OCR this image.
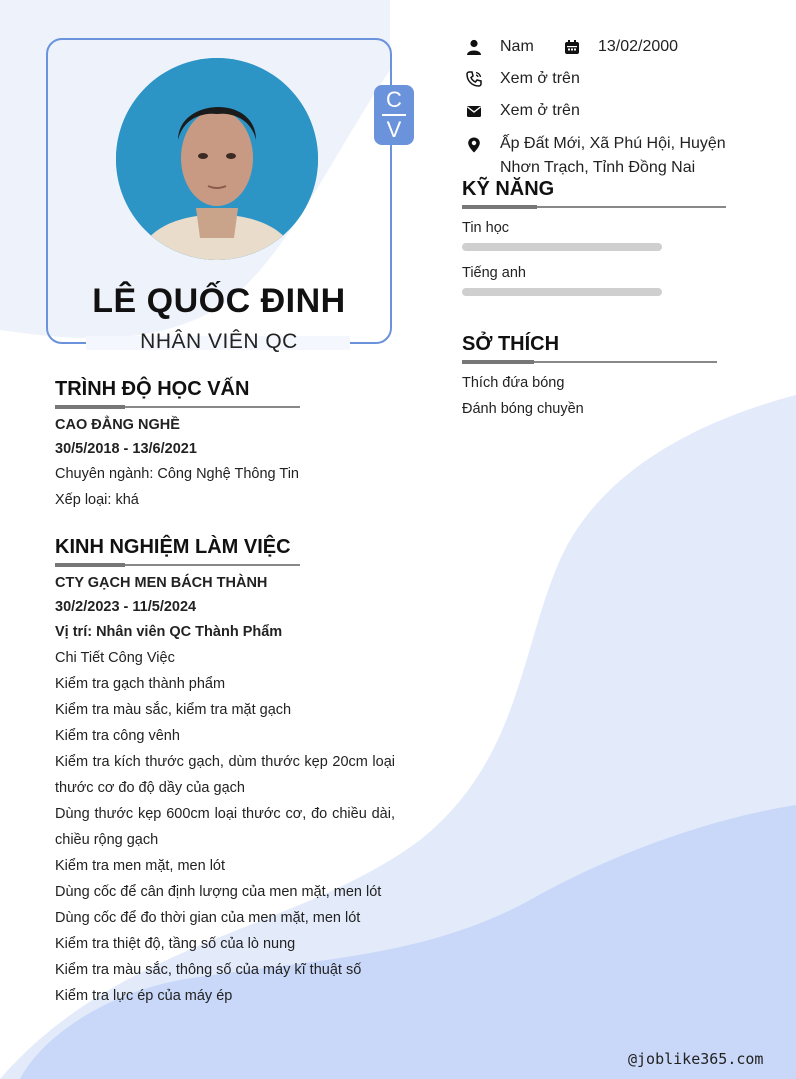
C
V
LÊ QUỐC ĐINH
NHÂN VIÊN QC
Nam	13/02/2000
Xem ở trên
Xem ở trên
Ấp Đất Mới, Xã Phú Hội, Huyện
Nhơn Trạch, Tỉnh Đồng Nai
KỸ NĂNG
Tin học
Tiếng anh
SỞ THÍCH
Thích đứa bóng
Đánh bóng chuyền
TRÌNH ĐỘ HỌC VẤN
CAO ĐẲNG NGHỀ
30/5/2018 - 13/6/2021
Chuyên ngành: Công Nghệ Thông Tin
Xếp loại: khá
KINH NGHIỆM LÀM VIỆC
CTY GẠCH MEN BÁCH THÀNH
30/2/2023 - 11/5/2024
Vị trí: Nhân viên QC Thành Phẩm
Chi Tiết Công Việc
Kiểm tra gạch thành phẩm
Kiểm tra màu sắc, kiểm tra mặt gạch
Kiểm tra công vênh
Kiểm tra kích thước gạch, dùm thước kẹp 20cm loại thước cơ đo độ dầy của gạch
Dùng thước kẹp 600cm loại thước cơ, đo chiều dài, chiều rộng gạch
Kiểm tra men mặt, men lót
Dùng cốc để cân định lượng của men mặt, men lót
Dùng cốc để đo thời gian của men mặt, men lót
Kiểm tra thiệt độ, tầng số của lò nung
Kiểm tra màu sắc, thông số của máy kĩ thuật số
Kiểm tra lực ép của máy ép
@joblike365.com
